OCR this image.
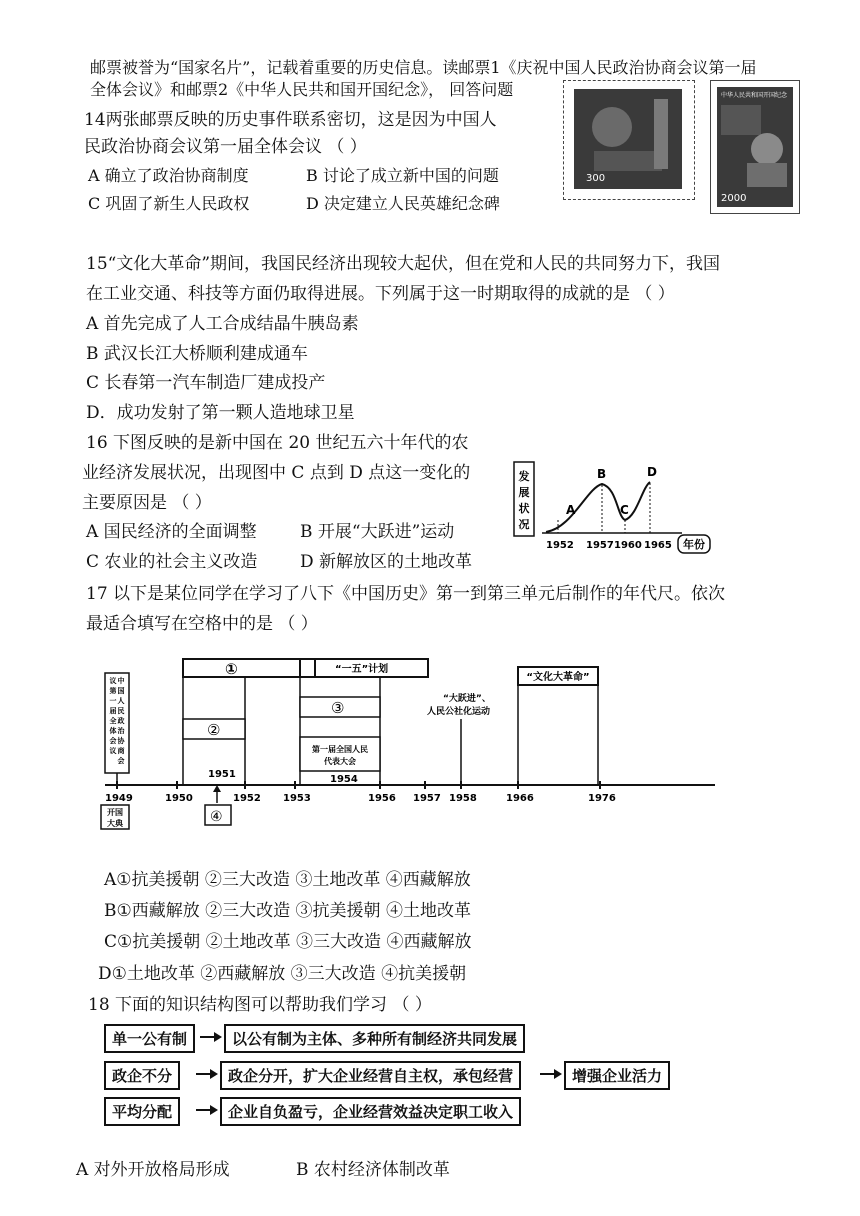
邮票被誉为“国家名片”，记载着重要的历史信息。读邮票1《庆祝中国人民政治协商会议第一届
全体会议》和邮票2《中华人民共和国开国纪念》， 回答问题
14两张邮票反映的历史事件联系密切，这是因为中国人
民政治协商会议第一届全体会议 （ ）
A 确立了政治协商制度	B 讨论了成立新中国的问题
C 巩固了新生人民政权	D 决定建立人民英雄纪念碑
300
中华人民共和国开国纪念
2000
15“文化大革命”期间，我国民经济出现较大起伏，但在党和人民的共同努力下，我国
在工业交通、科技等方面仍取得进展。下列属于这一时期取得的成就的是 （ ）
A 首先完成了人工合成结晶牛胰岛素
B 武汉长江大桥顺利建成通车
C 长春第一汽车制造厂建成投产
D．成功发射了第一颗人造地球卫星
16 下图反映的是新中国在 20 世纪五六十年代的农
业经济发展状况，出现图中 C 点到 D 点这一变化的
主要原因是 （ ）
A 国民经济的全面调整	B 开展“大跃进”运动
C 农业的社会主义改造	D 新解放区的土地改革
发
展
状
况
A
B
C
D
1952 1957 1960 1965 年份
17 以下是某位同学在学习了八下《中国历史》第一到第三单元后制作的年代尺。依次
最适合填写在空格中的是 （ ）
中
国
人
民
政
治
协
商
会
议
第
一
届
全
体
会
议
①
②
1951
“一五”计划
③
第一届全国人民
代表大会
1954
“大跃进”、
人民公社化运动
“文化大革命”
1949	1950	1952 1953	1956 1957 1958	1966	1976
开国
大典	④
A①抗美援朝 ②三大改造 ③土地改革 ④西藏解放
B①西藏解放 ②三大改造 ③抗美援朝 ④土地改革
C①抗美援朝 ②土地改革 ③三大改造 ④西藏解放
D①土地改革 ②西藏解放 ③三大改造 ④抗美援朝
18 下面的知识结构图可以帮助我们学习 （ ）
单一公有制	以公有制为主体、多种所有制经济共同发展
政企不分	政企分开，扩大企业经营自主权，承包经营	增强企业活力
平均分配	企业自负盈亏，企业经营效益决定职工收入
A 对外开放格局形成	B 农村经济体制改革
